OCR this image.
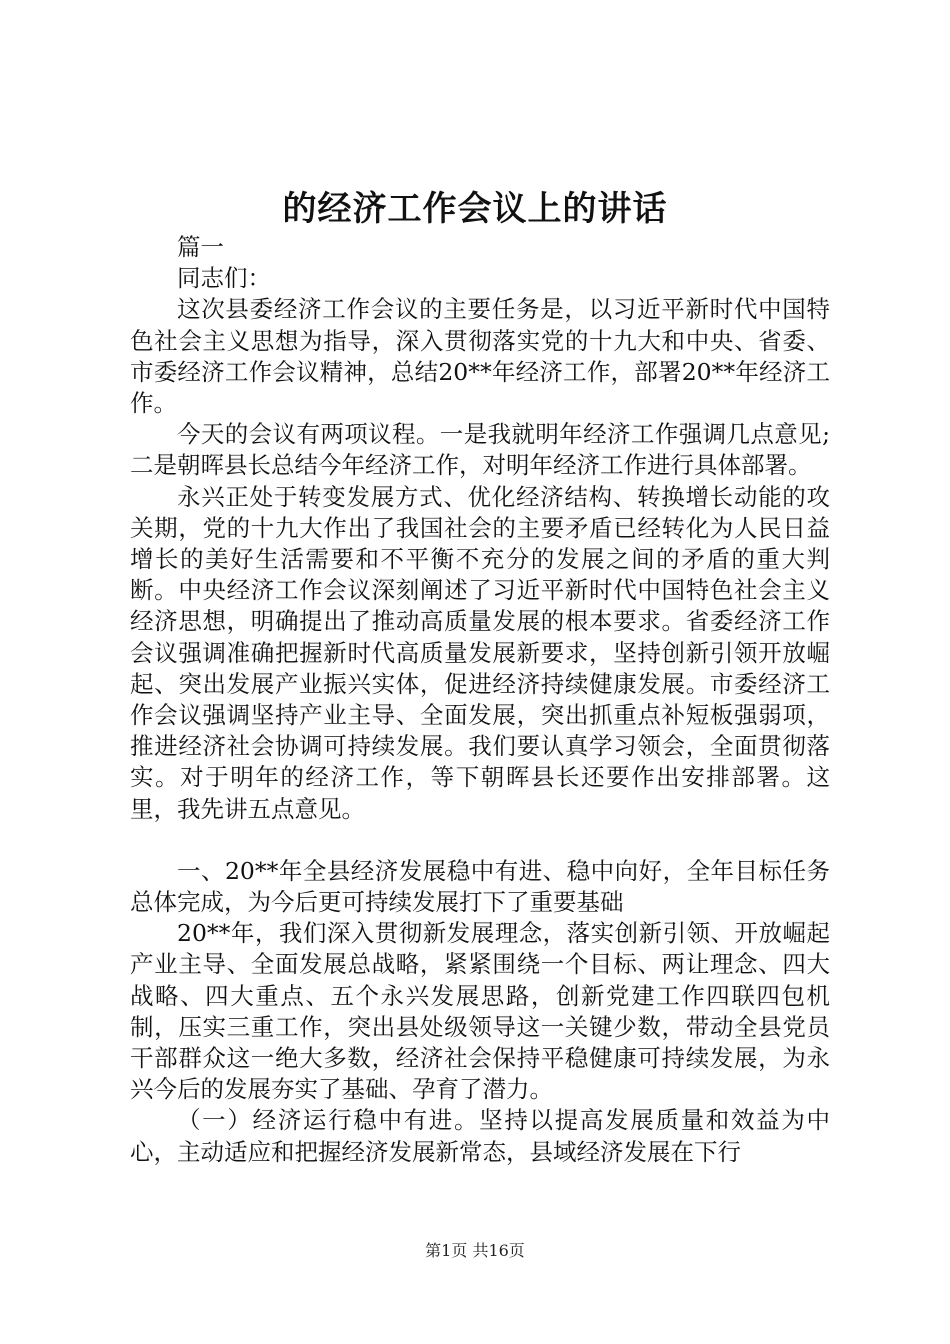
的经济工作会议上的讲话

篇一

同志们：

这次县委经济工作会议的主要任务是，以习近平新时代中国特色社会主义思想为指导，深入贯彻落实党的十九大和中央、省委、市委经济工作会议精神，总结20**年经济工作，部署20**年经济工作。

今天的会议有两项议程。一是我就明年经济工作强调几点意见;二是朝晖县长总结今年经济工作，对明年经济工作进行具体部署。

永兴正处于转变发展方式、优化经济结构、转换增长动能的攻关期，党的十九大作出了我国社会的主要矛盾已经转化为人民日益增长的美好生活需要和不平衡不充分的发展之间的矛盾的重大判断。中央经济工作会议深刻阐述了习近平新时代中国特色社会主义经济思想，明确提出了推动高质量发展的根本要求。省委经济工作会议强调准确把握新时代高质量发展新要求，坚持创新引领开放崛起、突出发展产业振兴实体，促进经济持续健康发展。市委经济工作会议强调坚持产业主导、全面发展，突出抓重点补短板强弱项，推进经济社会协调可持续发展。我们要认真学习领会，全面贯彻落实。对于明年的经济工作，等下朝晖县长还要作出安排部署。这里，我先讲五点意见。

一、20**年全县经济发展稳中有进、稳中向好，全年目标任务总体完成，为今后更可持续发展打下了重要基础

20**年，我们深入贯彻新发展理念，落实创新引领、开放崛起产业主导、全面发展总战略，紧紧围绕一个目标、两让理念、四大战略、四大重点、五个永兴发展思路，创新党建工作四联四包机制，压实三重工作，突出县处级领导这一关键少数，带动全县党员干部群众这一绝大多数，经济社会保持平稳健康可持续发展，为永兴今后的发展夯实了基础、孕育了潜力。

（一）经济运行稳中有进。坚持以提高发展质量和效益为中心，主动适应和把握经济发展新常态，县域经济发展在下行

第1页 共16页
